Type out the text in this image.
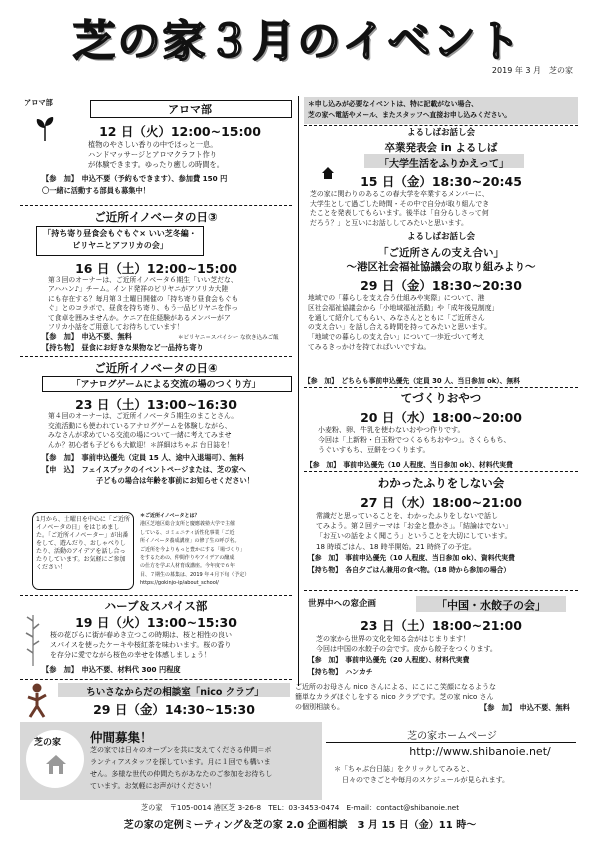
芝の家３月のイベント
2019 年 3 月　芝の家
アロマ部
アロマ部
12 日（火）12:00~15:00
植物のやさしい香りの中でほっと一息。
ハンドマッサージとアロマクラフト作り
が体験できます。ゆったり癒しの時間を。
【参　加】　 申込不要（予約もできます）、参加費 150 円
〇一緒に活動する部員も募集中！
ご近所イノベータの日③
「持ち寄り昼食会もぐもぐ× いい芝冬編・
ビリヤニとアフリカの会」
16 日（土）12:00~15:00
第３回のオーナーは、ご近所イノベータ６期生「いい芝だな、
アハハン♪」チーム。インド発祥のビリヤニがアフリカ大陸
にも存在する？毎月第３土曜日開催の「持ち寄り昼食会もぐも
ぐ」とのコラボで、昼食を持ち寄り、もう一品ビリヤニを作っ
て食卓を囲みませんか。ケニア在住経験があるメンバーがア
フリカ小話をご用意してお待ちしています！
【参　加】　 申込不要、無料	＊ビリヤニ＝スパイシー な炊き込みご飯
【持ち物】　 昼食にお好きな果物など一品持ち寄り
ご近所イノベータの日④
「アナログゲームによる交流の場のつくり方」
23 日（土）13:00~16:30
第４回のオーナーは、ご近所イノベータ５期生のまことさん。
交流活動にも使われているアナログゲームを体験しながら、
みなさんが求めている交流の場について一緒に考えてみませ
んか？初心者も子どもも大歓迎！＊詳細はちゃぶ 台日誌を！
【参　加】　 事前申込優先（定員 15 人、途中入退場可）、無料
【申　込】　 フェイスブックのイベントページまたは、芝の家へ
子どもの場合は年齢を事前にお知らせください！
1月から、土曜日を中心に「ご近所イノベータの日」をはじめました。「ご近所イノベーター」が出番をして、遊んだり、おしゃべりしたり、活動のアイデアを話し合ったりしています。お気軽にご参加ください！
＊ご近所イノベータとは？
港区芝地区総合支所と慶應義塾大学で主催
している、コミュニティ活性化事業「ご近
所イノベータ養成講座」の修了生の呼び名。
ご近所を今よりもっと豊かにする「場づくり」
をするための、仲間作りやアイデアの醸成
の仕方を学ぶ人材育成講座。今年度で６年
目、７期生の募集は、2019 年４月下旬（予定）
https://gokinjo-ip/about_school/
ハーブ＆スパイス部
19 日（火）13:00~15:30
桜の花びらに街が春めき立つこの時期は、桜と相性の良い
スパイスを使ったケーキや桜紅茶を味わいます。桜の香り
を存分に愛でながら桜色の幸せを体感しましょう！
【参　加】　 申込不要、材料代 300 円程度
ちいさなからだの相談室「nico クラブ」
29 日（金）14:30~15:30
ご近所のお母さん nico さんによる、にこにこ笑顔になるような
簡単なカラダほぐしをする nico クラブです。芝の家 nico さん
の個別相談も。	【参　加】　 申込不要、無料
＊申し込みが必要なイベントは、特に記載がない場合、
芝の家へ電話やメール、またスタッフへ直接お申し込みください。
よるしばお話し会
卒業発表会 in よるしば
「大学生活をふりかえって」
15 日（金）18:30~20:45
芝の家に関わりのあるこの春大学を卒業するメンバーに、
大学生として過ごした時間・その中で自分が取り組んでき
たことを発表してもらいます。後半は「自分らしさって何
だろう？」と互いにお話ししてみたいと思います。
よるしばお話し会
「ご近所さんの支え合い」
～港区社会福祉協議会の取り組みより～
29 日（金）18:30~20:30
地域での「暮らしを支え合う仕組みや実際」について、港
区社会福祉協議会から「小地域福祉活動」や「成年後見制度」
を通して紹介してもらい、みなさんとともに「ご近所さん
の支え合い」を話し合える時間を持ってみたいと思います。
「地域での暮らしの支え合い」について一歩近づいて考え
てみるきっかけを持てればいいですね。
【参　加】　 どちらも事前申込優先（定員 30 人、当日参加 ok）、無料
てづくりおやつ
20 日（水）18:00~20:00
小麦粉、卵、牛乳を使わないおやつ作りです。
今回は「上新粉・白玉粉でつくるもちおやつ」。さくらもち、
うぐいすもち、豆餅をつくります。
【参　加】　 事前申込優先（10 人程度、当日参加 ok）、材料代実費
わかったふりをしない会
27 日（水）18:00~21:00
常識だと思っていることを、わかったふりをしないで話し
てみよう。第２回テーマは「お金と豊かさ」。「結論はでない」
「お互いの話をよく聞こう」ということを大切にしています。
18 時頃ごはん、18 時半開始。21 時終了の予定。
【参　加】　 事前申込優先（10 人程度、当日参加 ok）、資料代実費
【持ち物】　 各自夕ごはん兼用の食べ物。（18 時から参加の場合）
世界中への窓企画	「中国・水餃子の会」
23 日（土）18:00~21:00
芝の家から世界の文化を知る会がはじまります！
今回は中国の水餃子の会です。皮から餃子をつくります。
【参　加】　 事前申込優先（20 人程度）、材料代実費
【持ち物】　 ハンカチ
芝の家 仲間募集！
芝の家では日々のオープンを共に支えてくださる仲間＝ボ
ランティアスタッフを探しています。月に１回でも構いま
せん。多様な世代の仲間たちがあなたのご参加をお待ちし
ています。お気軽にお声がけください！
芝の家ホームページ
http://www.shibanoie.net/
＊「ちゃぶ台日誌」をクリックしてみると、
日々のできごとや毎月のスケジュールが見られます。
芝の家　〒105-0014 港区芝 3-26-8　TEL：03-3453-0474　E-mail：contact@shibanoie.net
芝の家の定例ミーティング＆芝の家 2.0 企画相談　3 月 15 日（金）11 時～
